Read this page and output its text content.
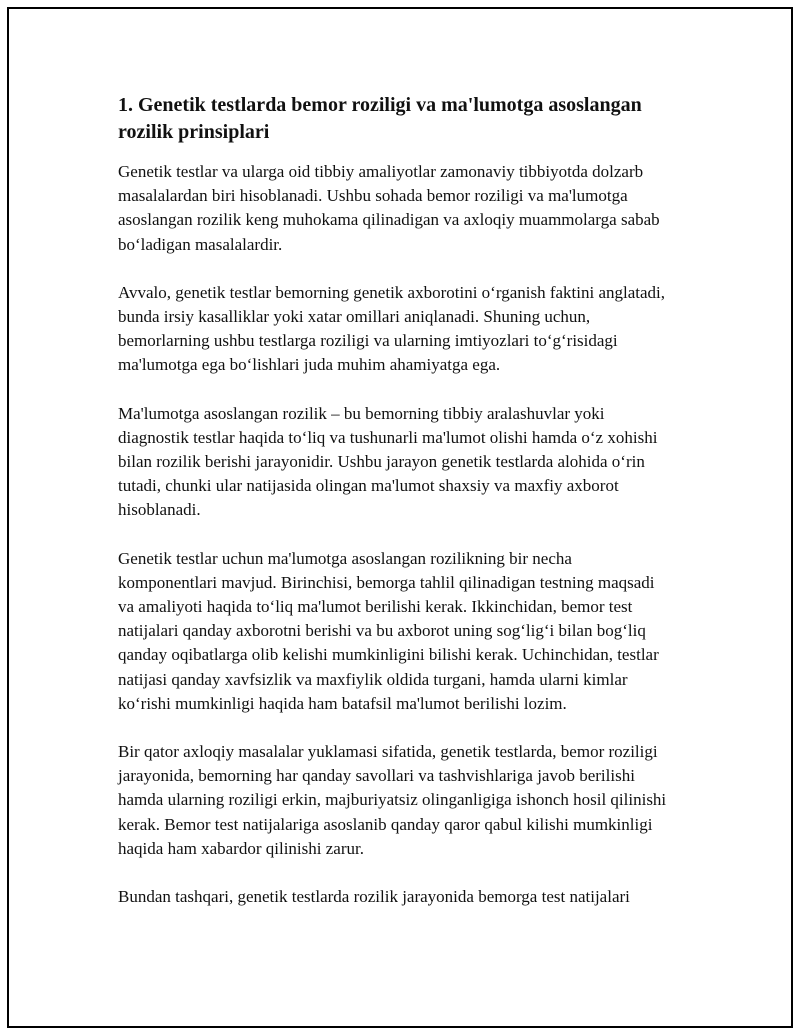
1. Genetik testlarda bemor roziligi va ma'lumotga asoslangan rozilik prinsiplari

Genetik testlar va ularga oid tibbiy amaliyotlar zamonaviy tibbiyotda dolzarb masalalardan biri hisoblanadi. Ushbu sohada bemor roziligi va ma'lumotga asoslangan rozilik keng muhokama qilinadigan va axloqiy muammolarga sabab bo‘ladigan masalalardir.

Avvalo, genetik testlar bemorning genetik axborotini o‘rganish faktini anglatadi, bunda irsiy kasalliklar yoki xatar omillari aniqlanadi. Shuning uchun, bemorlarning ushbu testlarga roziligi va ularning imtiyozlari to‘g‘risidagi ma'lumotga ega bo‘lishlari juda muhim ahamiyatga ega.

Ma'lumotga asoslangan rozilik – bu bemorning tibbiy aralashuvlar yoki diagnostik testlar haqida to‘liq va tushunarli ma'lumot olishi hamda o‘z xohishi bilan rozilik berishi jarayonidir. Ushbu jarayon genetik testlarda alohida o‘rin tutadi, chunki ular natijasida olingan ma'lumot shaxsiy va maxfiy axborot hisoblanadi.

Genetik testlar uchun ma'lumotga asoslangan rozilikning bir necha komponentlari mavjud. Birinchisi, bemorga tahlil qilinadigan testning maqsadi va amaliyoti haqida to‘liq ma'lumot berilishi kerak. Ikkinchidan, bemor test natijalari qanday axborotni berishi va bu axborot uning sog‘lig‘i bilan bog‘liq qanday oqibatlarga olib kelishi mumkinligini bilishi kerak. Uchinchidan, testlar natijasi qanday xavfsizlik va maxfiylik oldida turgani, hamda ularni kimlar ko‘rishi mumkinligi haqida ham batafsil ma'lumot berilishi lozim.

Bir qator axloqiy masalalar yuklamasi sifatida, genetik testlarda, bemor roziligi jarayonida, bemorning har qanday savollari va tashvishlariga javob berilishi hamda ularning roziligi erkin, majburiyatsiz olinganligiga ishonch hosil qilinishi kerak. Bemor test natijalariga asoslanib qanday qaror qabul kilishi mumkinligi haqida ham xabardor qilinishi zarur.

Bundan tashqari, genetik testlarda rozilik jarayonida bemorga test natijalari
